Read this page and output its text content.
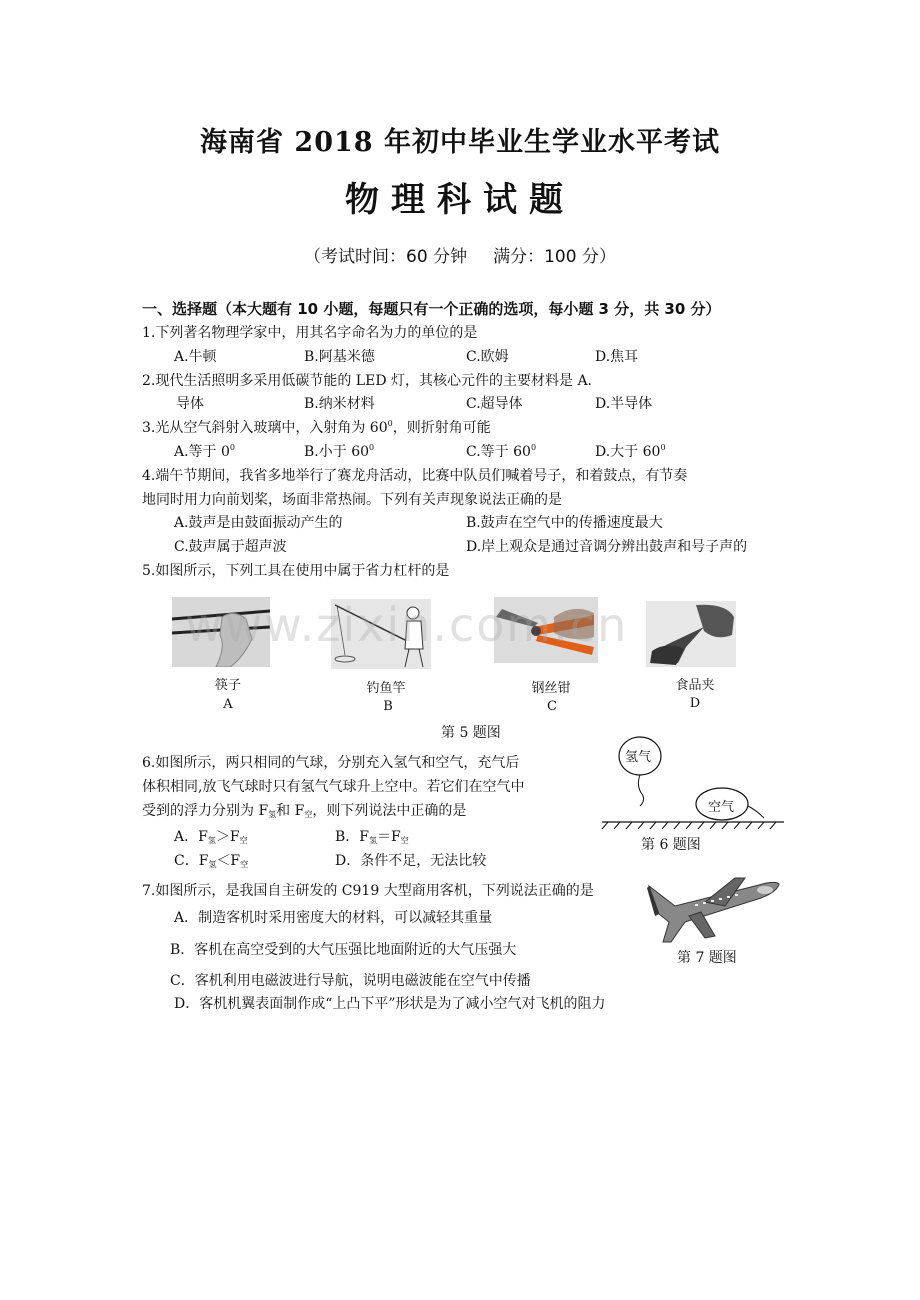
海南省 2018 年初中毕业生学业水平考试
物理科试题
（考试时间：60 分钟 满分：100 分）
一、选择题（本大题有 10 小题，每题只有一个正确的选项，每小题 3 分，共 30 分）
1.下列著名物理学家中，用其名字命名为力的单位的是
A.牛顿	B.阿基米德	C.欧姆	D.焦耳
2.现代生活照明多采用低碳节能的 LED 灯，其核心元件的主要材料是 A.
导体	B.纳米材料	C.超导体	D.半导体
3.光从空气斜射入玻璃中，入射角为 $60^0$，则折射角可能
A.等于 $0^0$	B.小于 $60^0$	C.等于 $60^0$	D.大于 $60^0$
4.端午节期间，我省多地举行了赛龙舟活动，比赛中队员们喊着号子，和着鼓点，有节奏
地同时用力向前划桨，场面非常热闹。下列有关声现象说法正确的是
A.鼓声是由鼓面振动产生的	B.鼓声在空气中的传播速度最大
C.鼓声属于超声波	D.岸上观众是通过音调分辨出鼓声和号子声的
5.如图所示，下列工具在使用中属于省力杠杆的是
www.zixin.com.cn
筷子
A
钓鱼竿
B
钢丝钳
C
食品夹
D
第 5 题图
6.如图所示，两只相同的气球，分别充入氢气和空气，充气后
体积相同,放飞气球时只有氢气气球升上空中。若它们在空气中
受到的浮力分别为 $F_氢$和 $F_空$，则下列说法中正确的是
A．$F_氢>F_空$	B．$F_氢=F_空$
C．$F_氢<F_空$	D．条件不足，无法比较
氢气
空气
第 6 题图
7.如图所示，是我国自主研发的 C919 大型商用客机，下列说法正确的是
A．制造客机时采用密度大的材料，可以减轻其重量
B．客机在高空受到的大气压强比地面附近的大气压强大
C．客机利用电磁波进行导航，说明电磁波能在空气中传播
D．客机机翼表面制作成“上凸下平”形状是为了减小空气对飞机的阻力
第 7 题图
